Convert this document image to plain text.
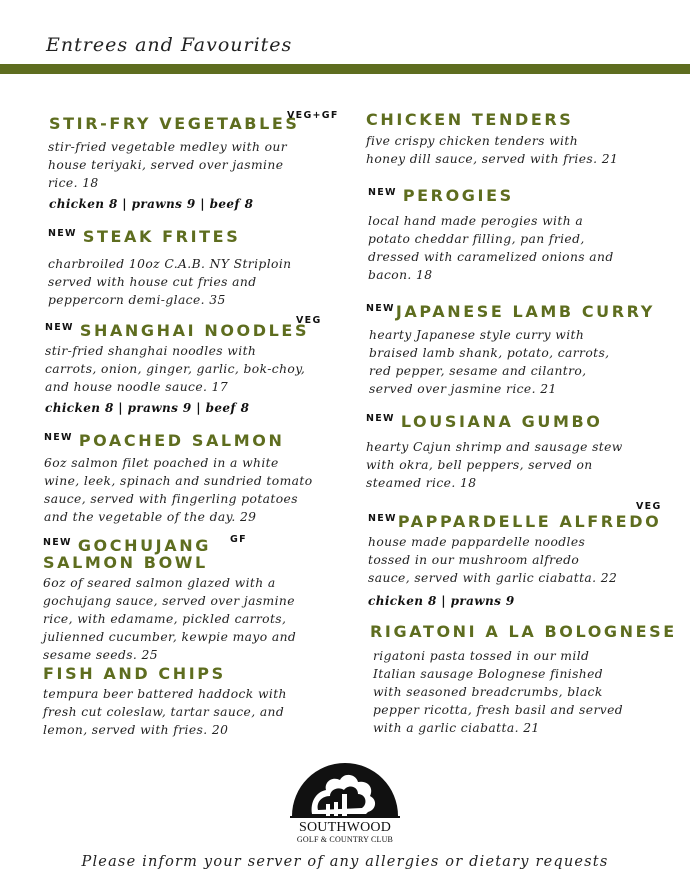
Entrees and Favourites
STIR-FRY VEGETABLES
VEG+GF
stir-fried vegetable medley with our
house teriyaki, served over jasmine
rice. 18
chicken 8 | prawns 9 | beef 8
$^{NEW}$ STEAK FRITES
charbroiled 10oz C.A.B. NY Striploin
served with house cut fries and
peppercorn demi-glace. 35
$^{NEW}$ SHANGHAI NOODLES
VEG
stir-fried shanghai noodles with
carrots, onion, ginger, garlic, bok-choy,
and house noodle sauce. 17
chicken 8 | prawns 9 | beef 8
$^{NEW}$ POACHED SALMON
6oz salmon filet poached in a white
wine, leek, spinach and sundried tomato
sauce, served with fingerling potatoes
and the vegetable of the day. 29
$^{NEW}$ GOCHUJANG
SALMON BOWL
GF
6oz of seared salmon glazed with a
gochujang sauce, served over jasmine
rice, with edamame, pickled carrots,
julienned cucumber, kewpie mayo and
sesame seeds. 25
FISH AND CHIPS
tempura beer battered haddock with
fresh cut coleslaw, tartar sauce, and
lemon, served with fries. 20
CHICKEN TENDERS
five crispy chicken tenders with
honey dill sauce, served with fries. 21
$^{NEW}$ PEROGIES
local hand made perogies with a
potato cheddar filling, pan fried,
dressed with caramelized onions and
bacon. 18
$^{NEW}$JAPANESE LAMB CURRY
hearty Japanese style curry with
braised lamb shank, potato, carrots,
red pepper, sesame and cilantro,
served over jasmine rice. 21
$^{NEW}$ LOUSIANA GUMBO
hearty Cajun shrimp and sausage stew
with okra, bell peppers, served on
steamed rice. 18
$^{NEW}$PAPPARDELLE ALFREDO
VEG
house made pappardelle noodles
tossed in our mushroom alfredo
sauce, served with garlic ciabatta. 22
chicken 8 | prawns 9
RIGATONI A LA BOLOGNESE
rigatoni pasta tossed in our mild
Italian sausage Bolognese finished
with seasoned breadcrumbs, black
pepper ricotta, fresh basil and served
with a garlic ciabatta. 21
SOUTHWOOD
GOLF & COUNTRY CLUB
Please inform your server of any allergies or dietary requests
